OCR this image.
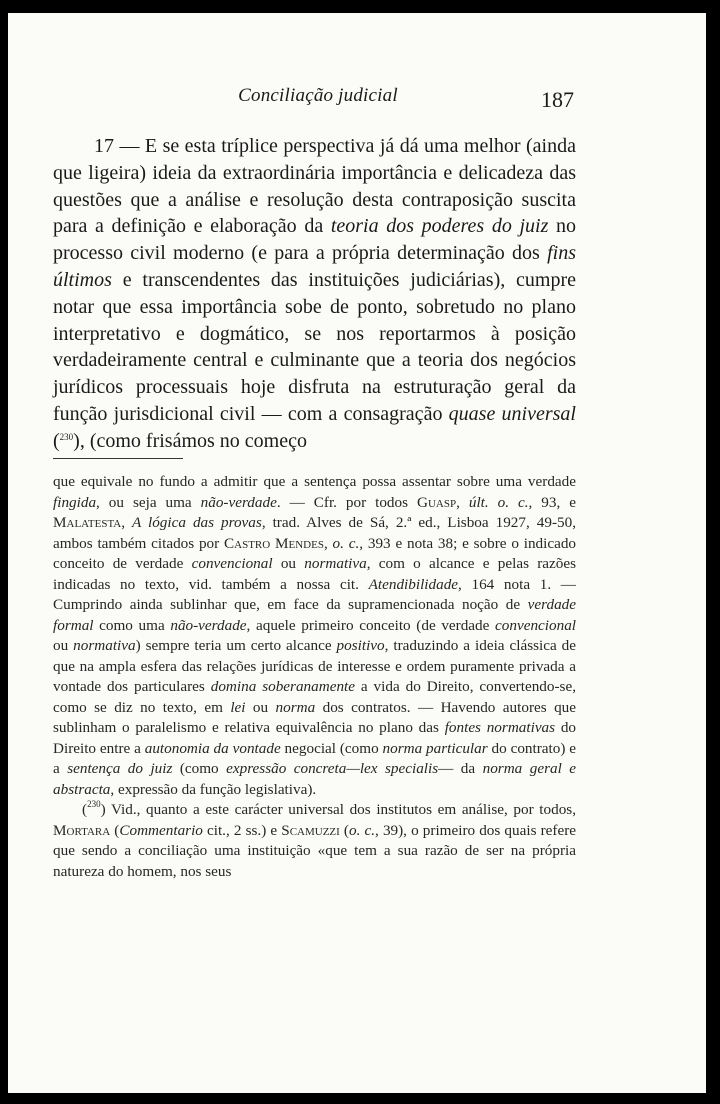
Conciliação judicial	187

17 — E se esta tríplice perspectiva já dá uma melhor (ainda que ligeira) ideia da extraordinária importância e delicadeza das questões que a análise e resolução desta contraposição suscita para a definição e elaboração da teoria dos poderes do juiz no processo civil moderno (e para a própria determinação dos fins últimos e transcendentes das instituições judiciárias), cumpre notar que essa importância sobe de ponto, sobretudo no plano interpretativo e dogmático, se nos reportarmos à posição verdadeiramente central e culminante que a teoria dos negócios jurídicos processuais hoje disfruta na estruturação geral da função jurisdicional civil — com a consagração quase universal ($^{230}$), (como frisámos no começo

que equivale no fundo a admitir que a sentença possa assentar sobre uma verdade fingida, ou seja uma não-verdade. — Cfr. por todos Guasp, últ. o. c., 93, e Malatesta, A lógica das provas, trad. Alves de Sá, 2.ª ed., Lisboa 1927, 49-50, ambos também citados por Castro Mendes, o. c., 393 e nota 38; e sobre o indicado conceito de verdade convencional ou normativa, com o alcance e pelas razões indicadas no texto, vid. também a nossa cit. Atendibilidade, 164 nota 1. — Cumprindo ainda sublinhar que, em face da supramencionada noção de verdade formal como uma não-verdade, aquele primeiro conceito (de verdade convencional ou normativa) sempre teria um certo alcance positivo, traduzindo a ideia clássica de que na ampla esfera das relações jurídicas de interesse e ordem puramente privada a vontade dos particulares domina soberanamente a vida do Direito, convertendo-se, como se diz no texto, em lei ou norma dos contratos. — Havendo autores que sublinham o paralelismo e relativa equivalência no plano das fontes normativas do Direito entre a autonomia da vontade negocial (como norma particular do contrato) e a sentença do juiz (como expressão concreta—lex specialis— da norma geral e abstracta, expressão da função legislativa).

($^{230}$) Vid., quanto a este carácter universal dos institutos em análise, por todos, Mortara (Commentario cit., 2 ss.) e Scamuzzi (o. c., 39), o primeiro dos quais refere que sendo a conciliação uma instituição «que tem a sua razão de ser na própria natureza do homem, nos seus
